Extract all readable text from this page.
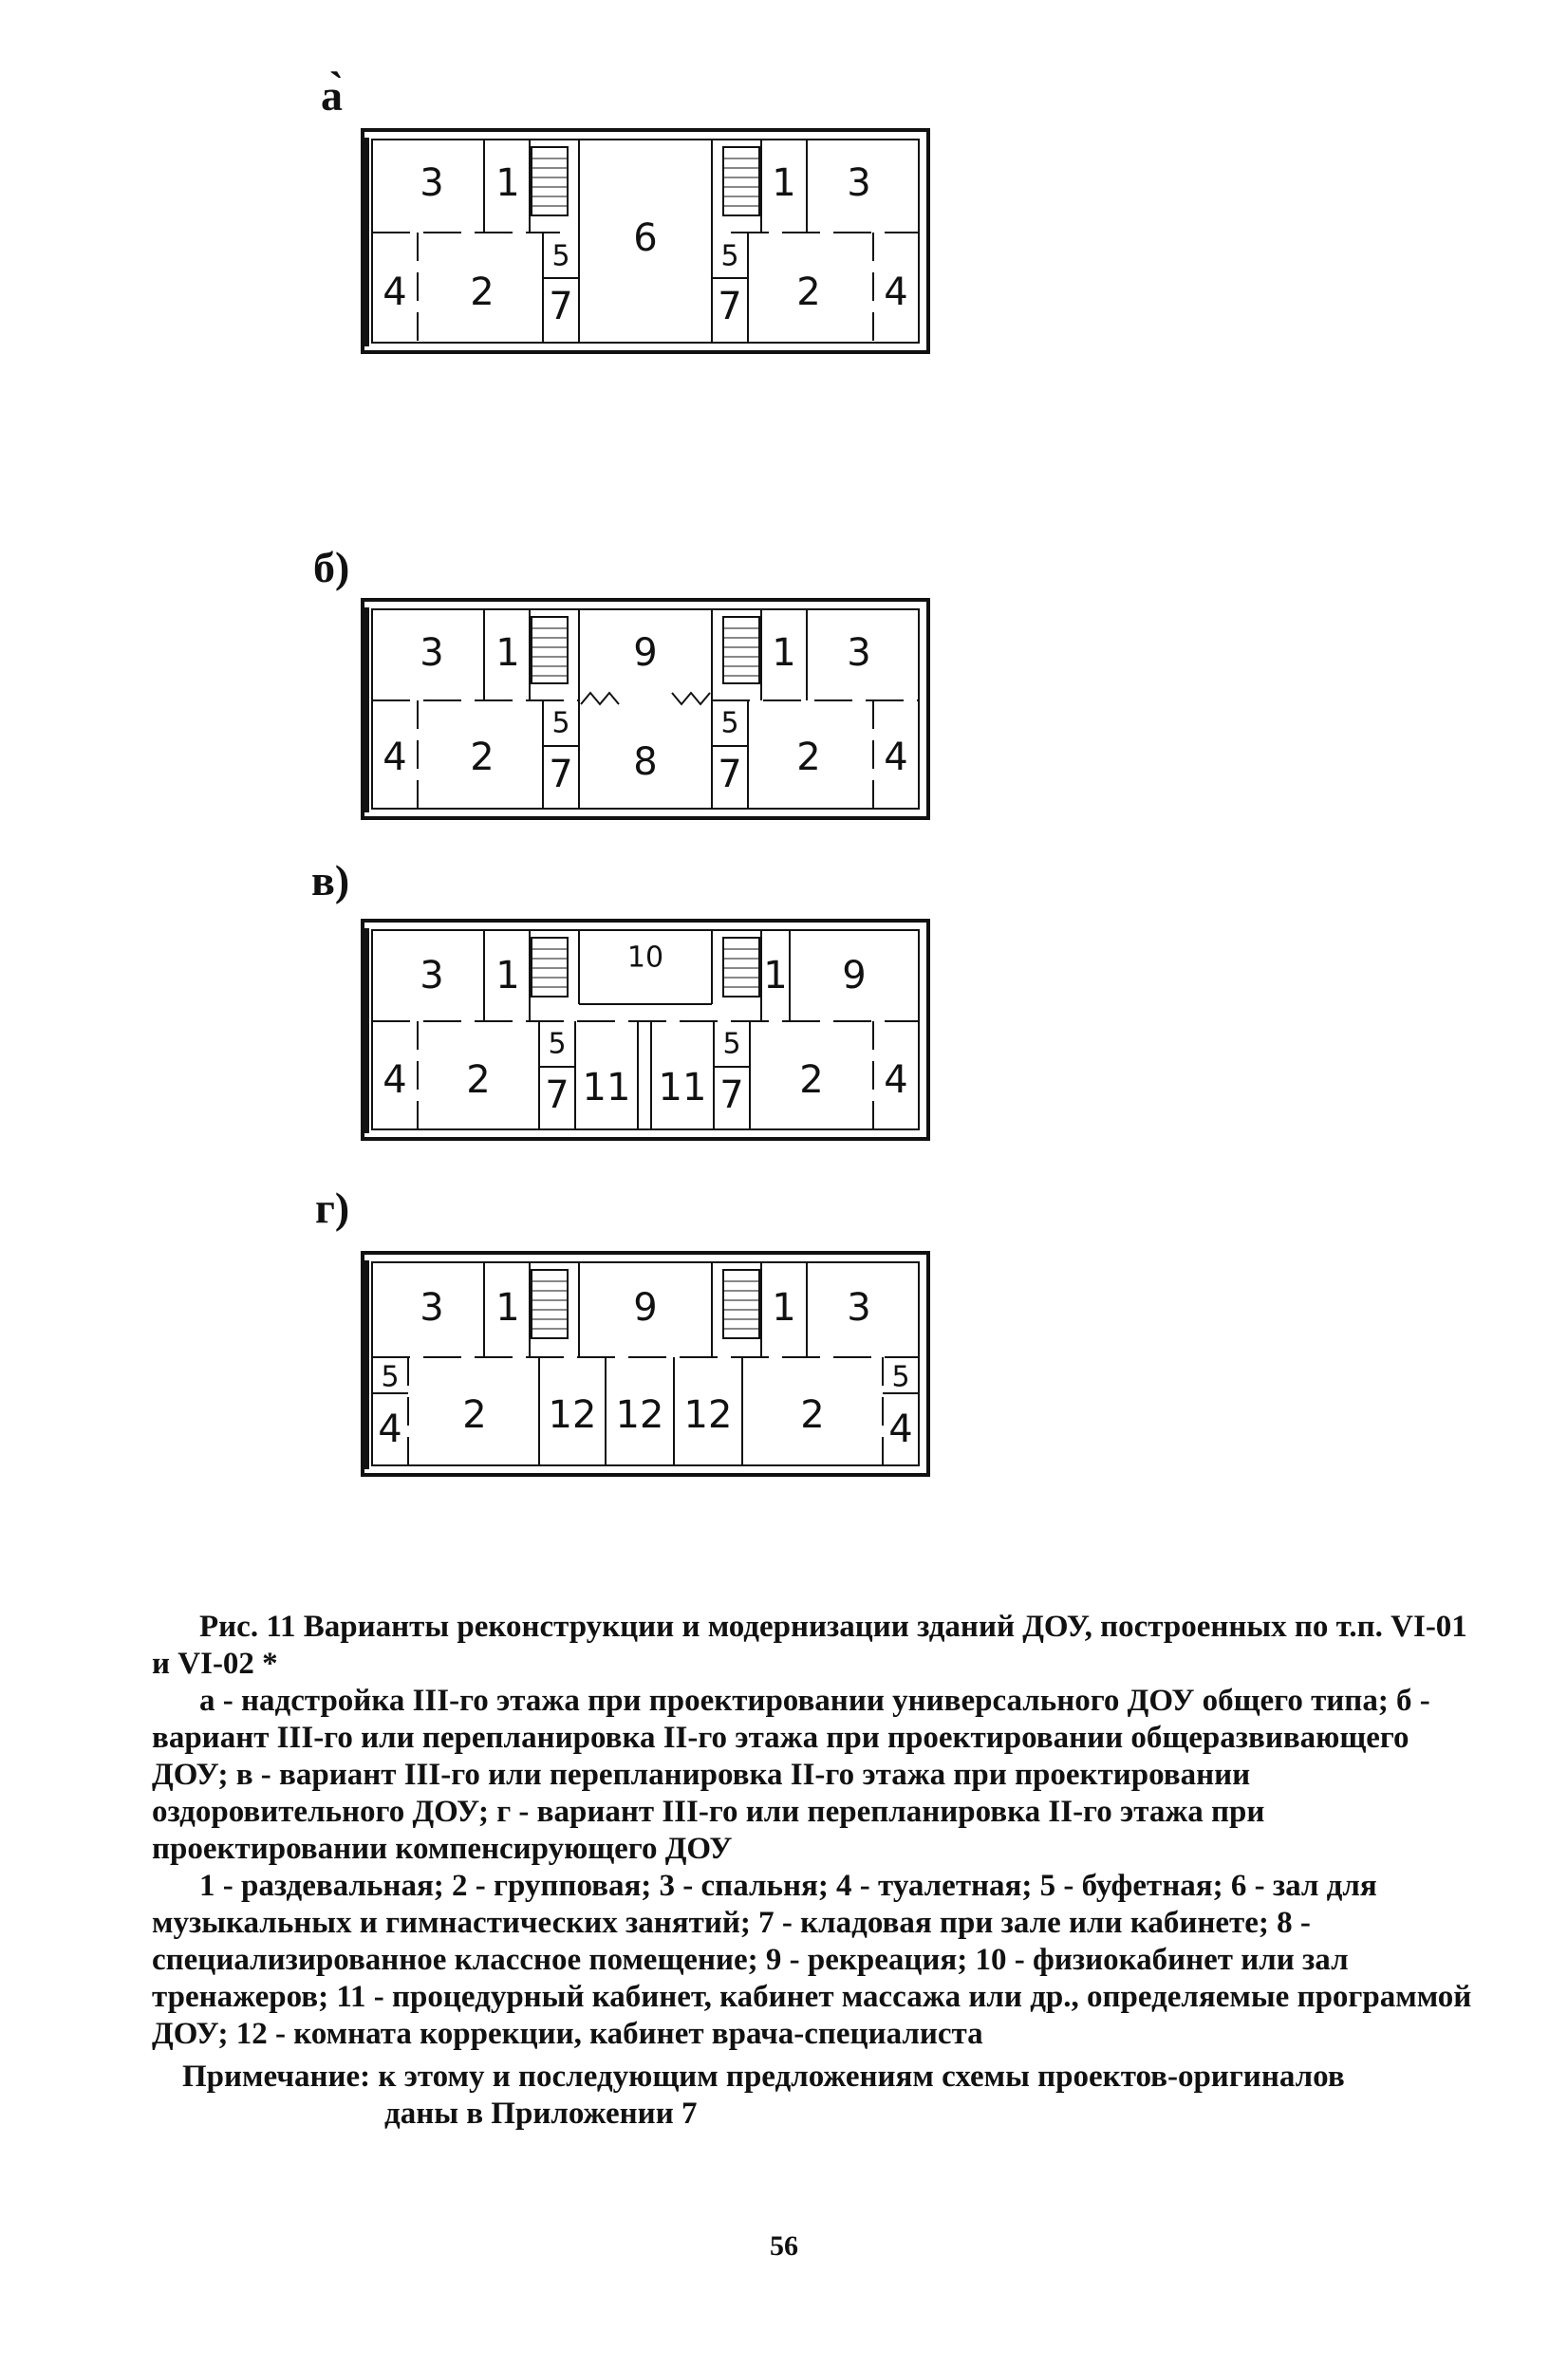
а̀
3 1
6
1 3
4 2
5
7
5
7 2 4
б)
3 1	9	1 3
4 2
5
7 8
5
7 2 4
в)
3 1	10	1 9
4 2
5
7 11 11
5
7 2 4
г)
3 1	9	1 3
5
4 2 12 12 12 2
5
4

Рис. 11 Варианты реконструкции и модернизации зданий ДОУ, построенных по т.п. VI-01 и VI-02 *

а - надстройка III-го этажа при проектировании универсального ДОУ общего типа; б - вариант III-го или перепланировка II-го этажа при проектировании общеразвивающего ДОУ; в - вариант III-го или перепланировка II-го этажа при проектировании оздоровительного ДОУ; г - вариант III-го или перепланировка II-го этажа при проектировании компенсирующего ДОУ

1 - раздевальная; 2 - групповая; 3 - спальня; 4 - туалетная; 5 - буфетная; 6 - зал для музыкальных и гимнастических занятий; 7 - кладовая при зале или кабинете; 8 - специализированное классное помещение; 9 - рекреация; 10 - физиокабинет или зал тренажеров; 11 - процедурный кабинет, кабинет массажа или др., определяемые программой ДОУ; 12 - комната коррекции, кабинет врача-специалиста

Примечание: к этому и последующим предложениям схемы проектов-оригиналов

даны в Приложении 7

56
